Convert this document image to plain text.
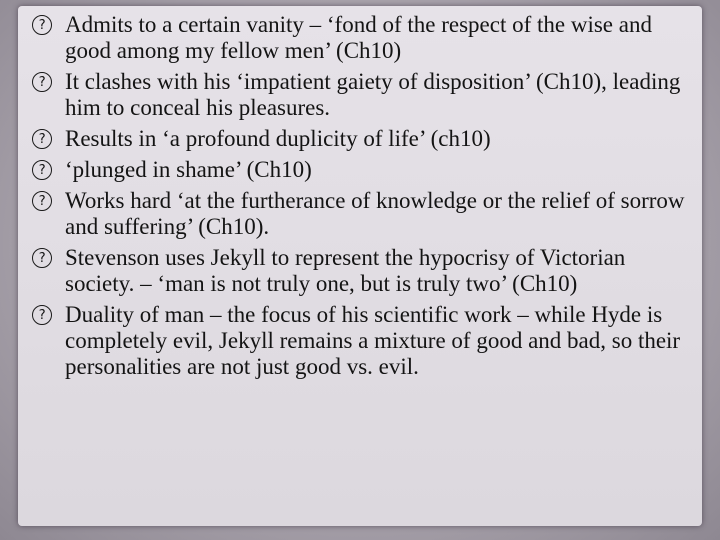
? Admits to a certain vanity – ‘fond of the respect of the wise and good among my fellow men’ (Ch10)
? It clashes with his ‘impatient gaiety of disposition’ (Ch10), leading him to conceal his pleasures.
? Results in ‘a profound duplicity of life’ (ch10)
? ‘plunged in shame’ (Ch10)
? Works hard ‘at the furtherance of knowledge or the relief of sorrow and suffering’ (Ch10).
? Stevenson uses Jekyll to represent the hypocrisy of Victorian society. – ‘man is not truly one, but is truly two’ (Ch10)
? Duality of man – the focus of his scientific work – while Hyde is completely evil, Jekyll remains a mixture of good and bad, so their personalities are not just good vs. evil.
